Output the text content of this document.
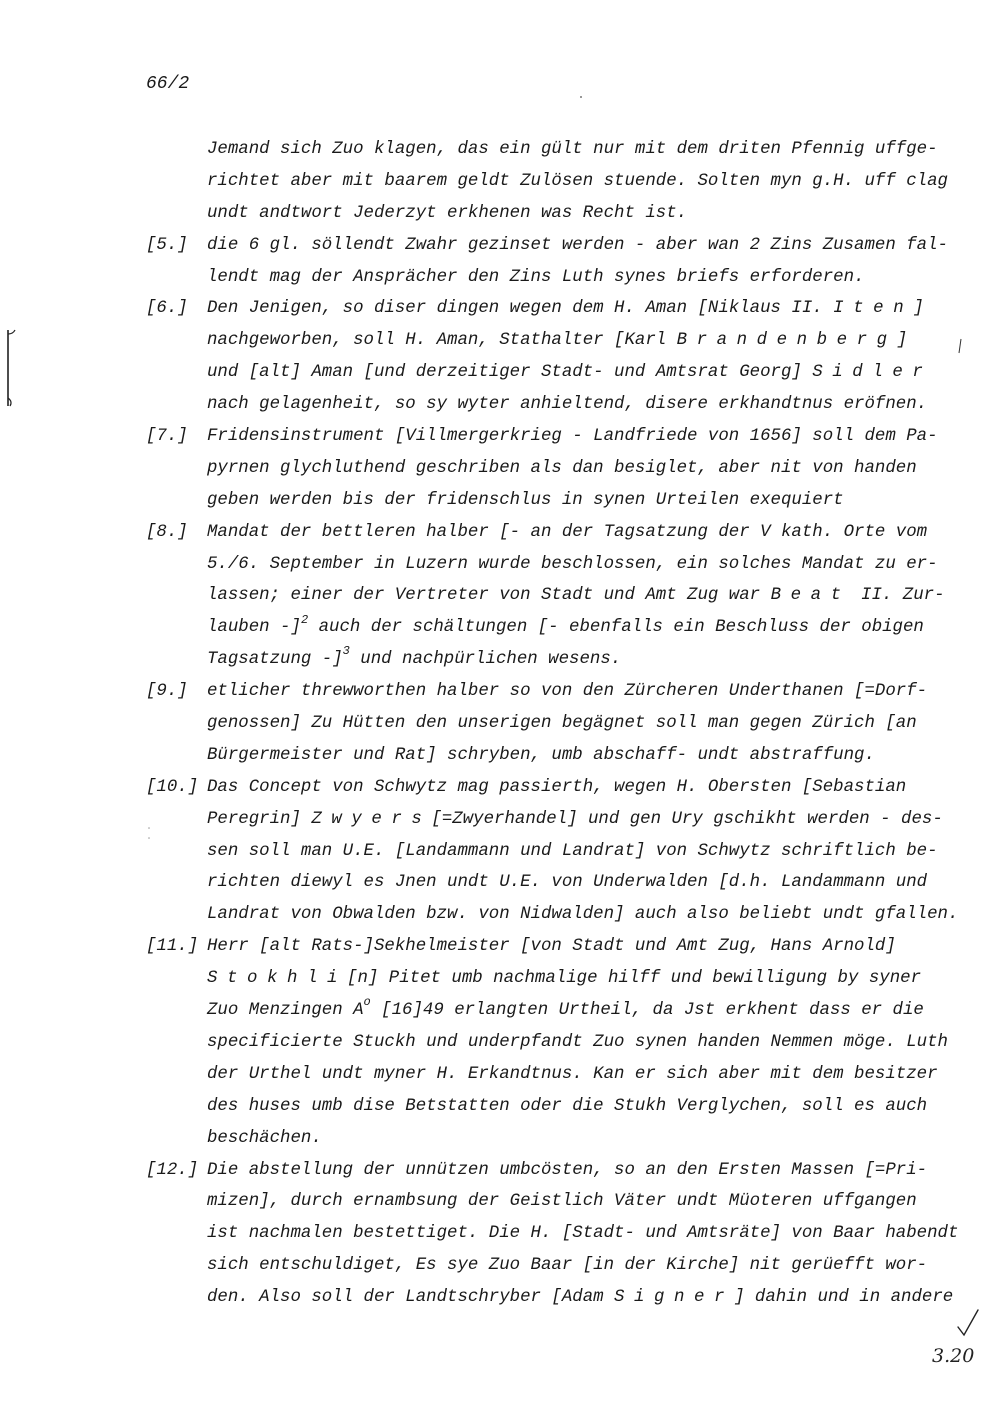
66/2
Jemand sich Zuo klagen, das ein gült nur mit dem driten Pfennig uffge-
richtet aber mit baarem geldt Zulösen stuende. Solten myn g.H. uff clag
undt andtwort Jederzyt erkhenen was Recht ist.
[5.] die 6 gl. söllendt Zwahr gezinset werden - aber wan 2 Zins Zusamen fal-
lendt mag der Ansprächer den Zins Luth synes briefs erforderen.
[6.] Den Jenigen, so diser dingen wegen dem H. Aman [Niklaus II. Iten]
nachgeworben, soll H. Aman, Stathalter [Karl Brandenberg]
und [alt] Aman [und derzeitiger Stadt- und Amtsrat Georg] Sidler
nach gelagenheit, so sy wyter anhieltend, disere erkhandtnus eröfnen.
[7.] Fridensinstrument [Villmergerkrieg - Landfriede von 1656] soll dem Pa-
pyrnen glychluthend geschriben als dan besiglet, aber nit von handen
geben werden bis der fridenschlus in synen Urteilen exequiert
[8.] Mandat der bettleren halber [- an der Tagsatzung der V kath. Orte vom
5./6. September in Luzern wurde beschlossen, ein solches Mandat zu er-
lassen; einer der Vertreter von Stadt und Amt Zug war Beat II. Zur-
lauben -]$^2$ auch der schältungen [- ebenfalls ein Beschluss der obigen
Tagsatzung -]$^3$ und nachpürlichen wesens.
[9.] etlicher threwworthen halber so von den Zürcheren Underthanen [=Dorf-
genossen] Zu Hütten den unserigen begägnet soll man gegen Zürich [an
Bürgermeister und Rat] schryben, umb abschaff- undt abstraffung.
[10.] Das Concept von Schwytz mag passierth, wegen H. Obersten [Sebastian
Peregrin] Zwyers[=Zwyerhandel] und gen Ury gschikht werden - des-
sen soll man U.E. [Landammann und Landrat] von Schwytz schriftlich be-
richten diewyl es Jnen undt U.E. von Underwalden [d.h. Landammann und
Landrat von Obwalden bzw. von Nidwalden] auch also beliebt undt gfallen.
[11.] Herr [alt Rats-]Sekhelmeister [von Stadt und Amt Zug, Hans Arnold]
Stokhli[n] Pitet umb nachmalige hilff und bewilligung by syner
Zuo Menzingen $A^o$ [16]49 erlangten Urtheil, da Jst erkhent dass er die
specificierte Stuckh und underpfandt Zuo synen handen Nemmen möge. Luth
der Urthel undt myner H. Erkandtnus. Kan er sich aber mit dem besitzer
des huses umb dise Betstatten oder die Stukh Verglychen, soll es auch
beschächen.
[12.] Die abstellung der unnützen umbcösten, so an den Ersten Massen [=Pri-
mizen], durch ernambsung der Geistlich Väter undt Müoteren uffgangen
ist nachmalen bestettiget. Die H. [Stadt- und Amtsräte] von Baar habendt
sich entschuldiget, Es sye Zuo Baar [in der Kirche] nit gerüefft wor-
den. Also soll der Landtschryber [Adam Signer] dahin und in andere
3.20
